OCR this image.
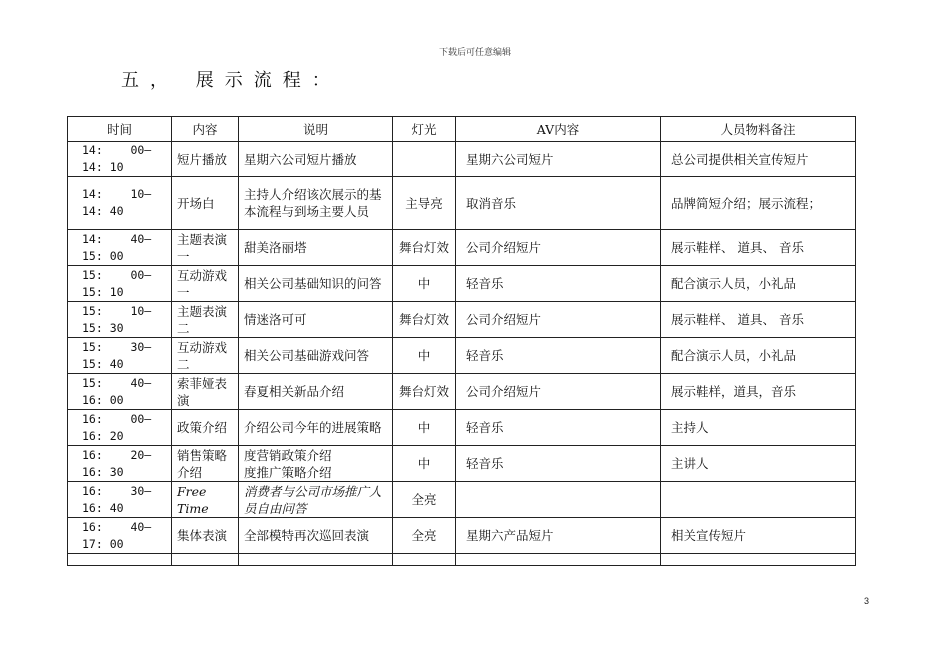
下载后可任意编辑
五， 展示流程：
时间	内容	说明	灯光	AV内容	人员物料备注
14:    00—
14: 10	短片播放	星期六公司短片播放		星期六公司短片	总公司提供相关宣传短片
14:    10—
14: 40	开场白	主持人介绍该次展示的基本流程与到场主要人员	主导亮	取消音乐	品牌简短介绍；展示流程；
14:    40—
15: 00	主题表演一	甜美洛丽塔	舞台灯效	公司介绍短片	展示鞋样、 道具、 音乐
15:    00—
15: 10	互动游戏一	相关公司基础知识的问答	中	轻音乐	配合演示人员，小礼品
15:    10—
15: 30	主题表演二	情迷洛可可	舞台灯效	公司介绍短片	展示鞋样、 道具、 音乐
15:    30—
15: 40	互动游戏二	相关公司基础游戏问答	中	轻音乐	配合演示人员，小礼品
15:    40—
16: 00	索菲娅表演	春夏相关新品介绍	舞台灯效	公司介绍短片	展示鞋样，道具，音乐
16:    00—
16: 20	政策介绍	介绍公司今年的进展策略	中	轻音乐	主持人
16:    20—
16: 30	销售策略介绍	度营销政策介绍
度推广策略介绍	中	轻音乐	主讲人
16:    30—
16: 40	Free Time	消费者与公司市场推广人员自由问答	全亮		
16:    40—
17: 00	集体表演	全部模特再次巡回表演	全亮	星期六产品短片	相关宣传短片

3
